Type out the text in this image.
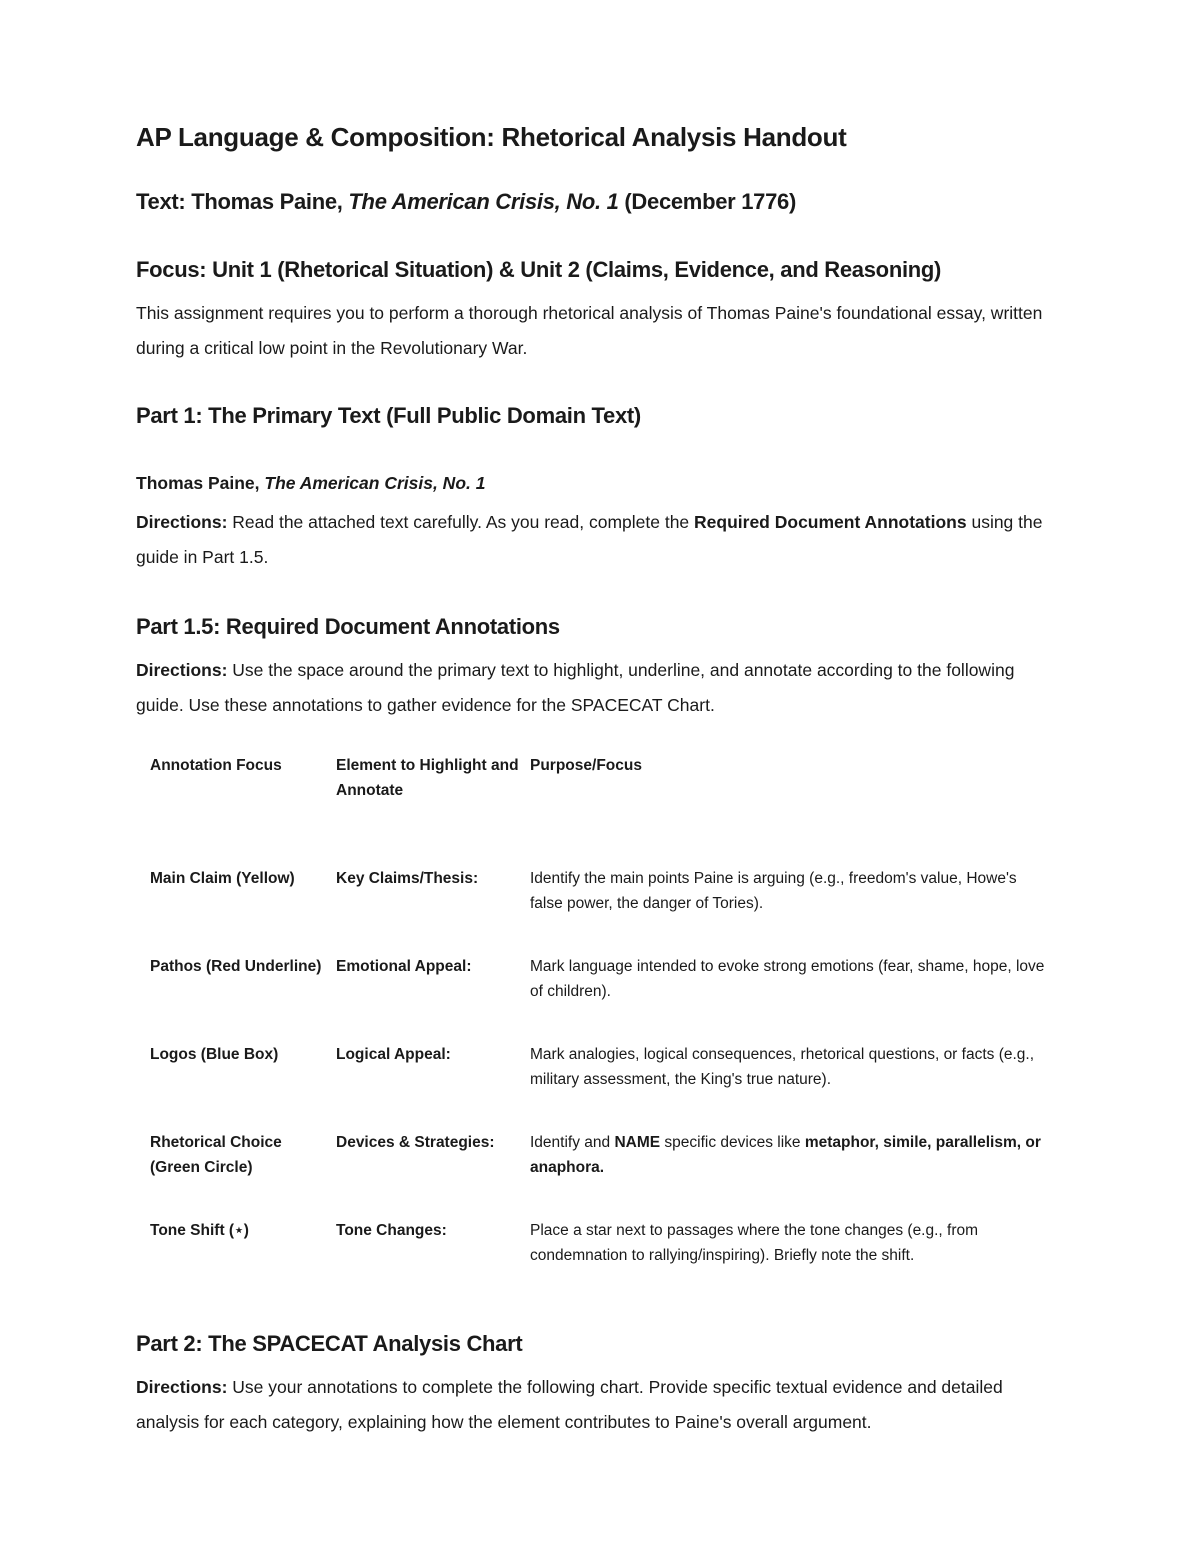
AP Language & Composition: Rhetorical Analysis Handout
Text: Thomas Paine, The American Crisis, No. 1 (December 1776)
Focus: Unit 1 (Rhetorical Situation) & Unit 2 (Claims, Evidence, and Reasoning)

This assignment requires you to perform a thorough rhetorical analysis of Thomas Paine's foundational essay, written during a critical low point in the Revolutionary War.

Part 1: The Primary Text (Full Public Domain Text)

Thomas Paine, The American Crisis, No. 1

Directions: Read the attached text carefully. As you read, complete the Required Document Annotations using the guide in Part 1.5.

Part 1.5: Required Document Annotations

Directions: Use the space around the primary text to highlight, underline, and annotate according to the following guide. Use these annotations to gather evidence for the SPACECAT Chart.

Annotation Focus	Element to Highlight and Annotate	Purpose/Focus
Main Claim (Yellow)	Key Claims/Thesis:	Identify the main points Paine is arguing (e.g., freedom's value, Howe's false power, the danger of Tories).
Pathos (Red Underline)	Emotional Appeal:	Mark language intended to evoke strong emotions (fear, shame, hope, love of children).
Logos (Blue Box)	Logical Appeal:	Mark analogies, logical consequences, rhetorical questions, or facts (e.g., military assessment, the King's true nature).
Rhetorical Choice (Green Circle)	Devices & Strategies:	Identify and NAME specific devices like metaphor, simile, parallelism, or anaphora.
Tone Shift (⋆)	Tone Changes:	Place a star next to passages where the tone changes (e.g., from condemnation to rallying/inspiring). Briefly note the shift.
Part 2: The SPACECAT Analysis Chart

Directions: Use your annotations to complete the following chart. Provide specific textual evidence and detailed analysis for each category, explaining how the element contributes to Paine's overall argument.
